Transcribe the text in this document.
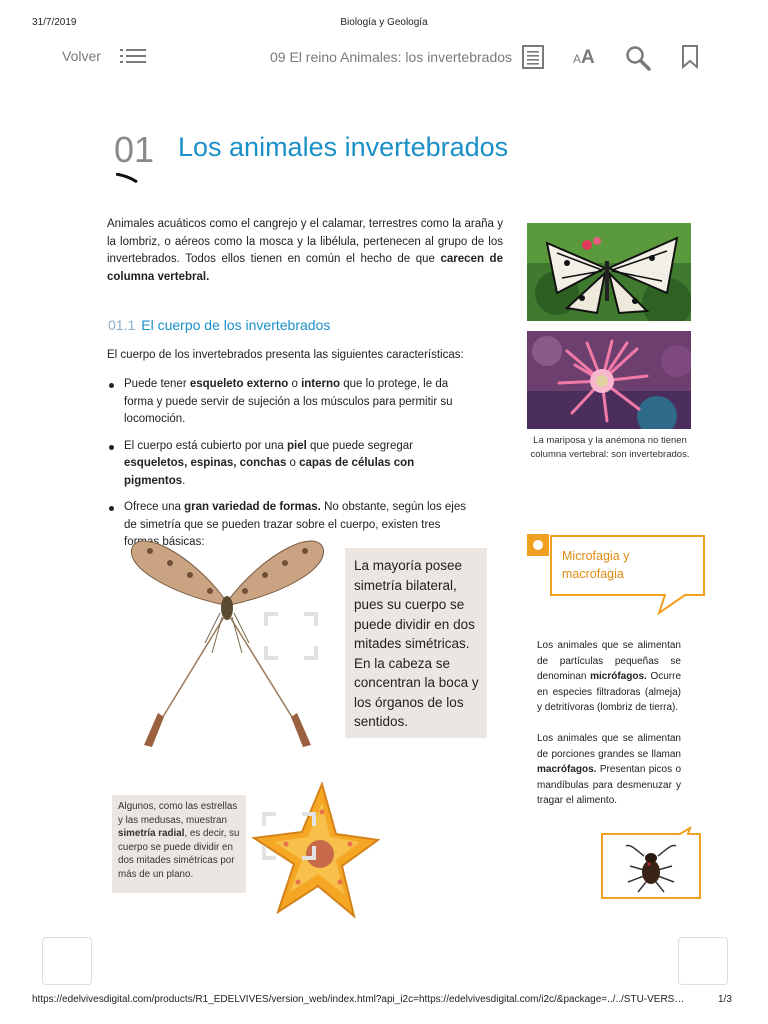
31/7/2019	Biología y Geología
Volver	09 El reino Animales: los invertebrados	AA
01 Los animales invertebrados
Animales acuáticos como el cangrejo y el calamar, terrestres como la araña y la lombriz, o aéreos como la mosca y la libélula, pertenecen al grupo de los invertebrados. Todos ellos tienen en común el hecho de que carecen de columna vertebral.
01.1 El cuerpo de los invertebrados
El cuerpo de los invertebrados presenta las siguientes características:
Puede tener esqueleto externo o interno que lo protege, le da forma y puede servir de sujeción a los músculos para permitir su locomoción.
El cuerpo está cubierto por una piel que puede segregar esqueletos, espinas, conchas o capas de células con pigmentos.
Ofrece una gran variedad de formas. No obstante, según los ejes de simetría que se pueden trazar sobre el cuerpo, existen tres formas básicas:
La mariposa y la anémona no tienen columna vertebral: son invertebrados.
La mayoría posee simetría bilateral, pues su cuerpo se puede dividir en dos mitades simétricas. En la cabeza se concentran la boca y los órganos de los sentidos.
Algunos, como las estrellas y las medusas, muestran simetría radial, es decir, su cuerpo se puede dividir en dos mitades simétricas por más de un plano.
Microfagia y macrofagia
Los animales que se alimentan de partículas pequeñas se denominan micrófagos. Ocurre en especies filtradoras (almeja) y detritívoras (lombriz de tierra).
Los animales que se alimentan de porciones grandes se llaman macrófagos. Presentan picos o mandíbulas para desmenuzar y tragar el alimento.
https://edelvivesdigital.com/products/R1_EDELVIVES/version_web/index.html?api_i2c=https://edelvivesdigital.com/i2c/&package=../../STU-VERS…	1/3
